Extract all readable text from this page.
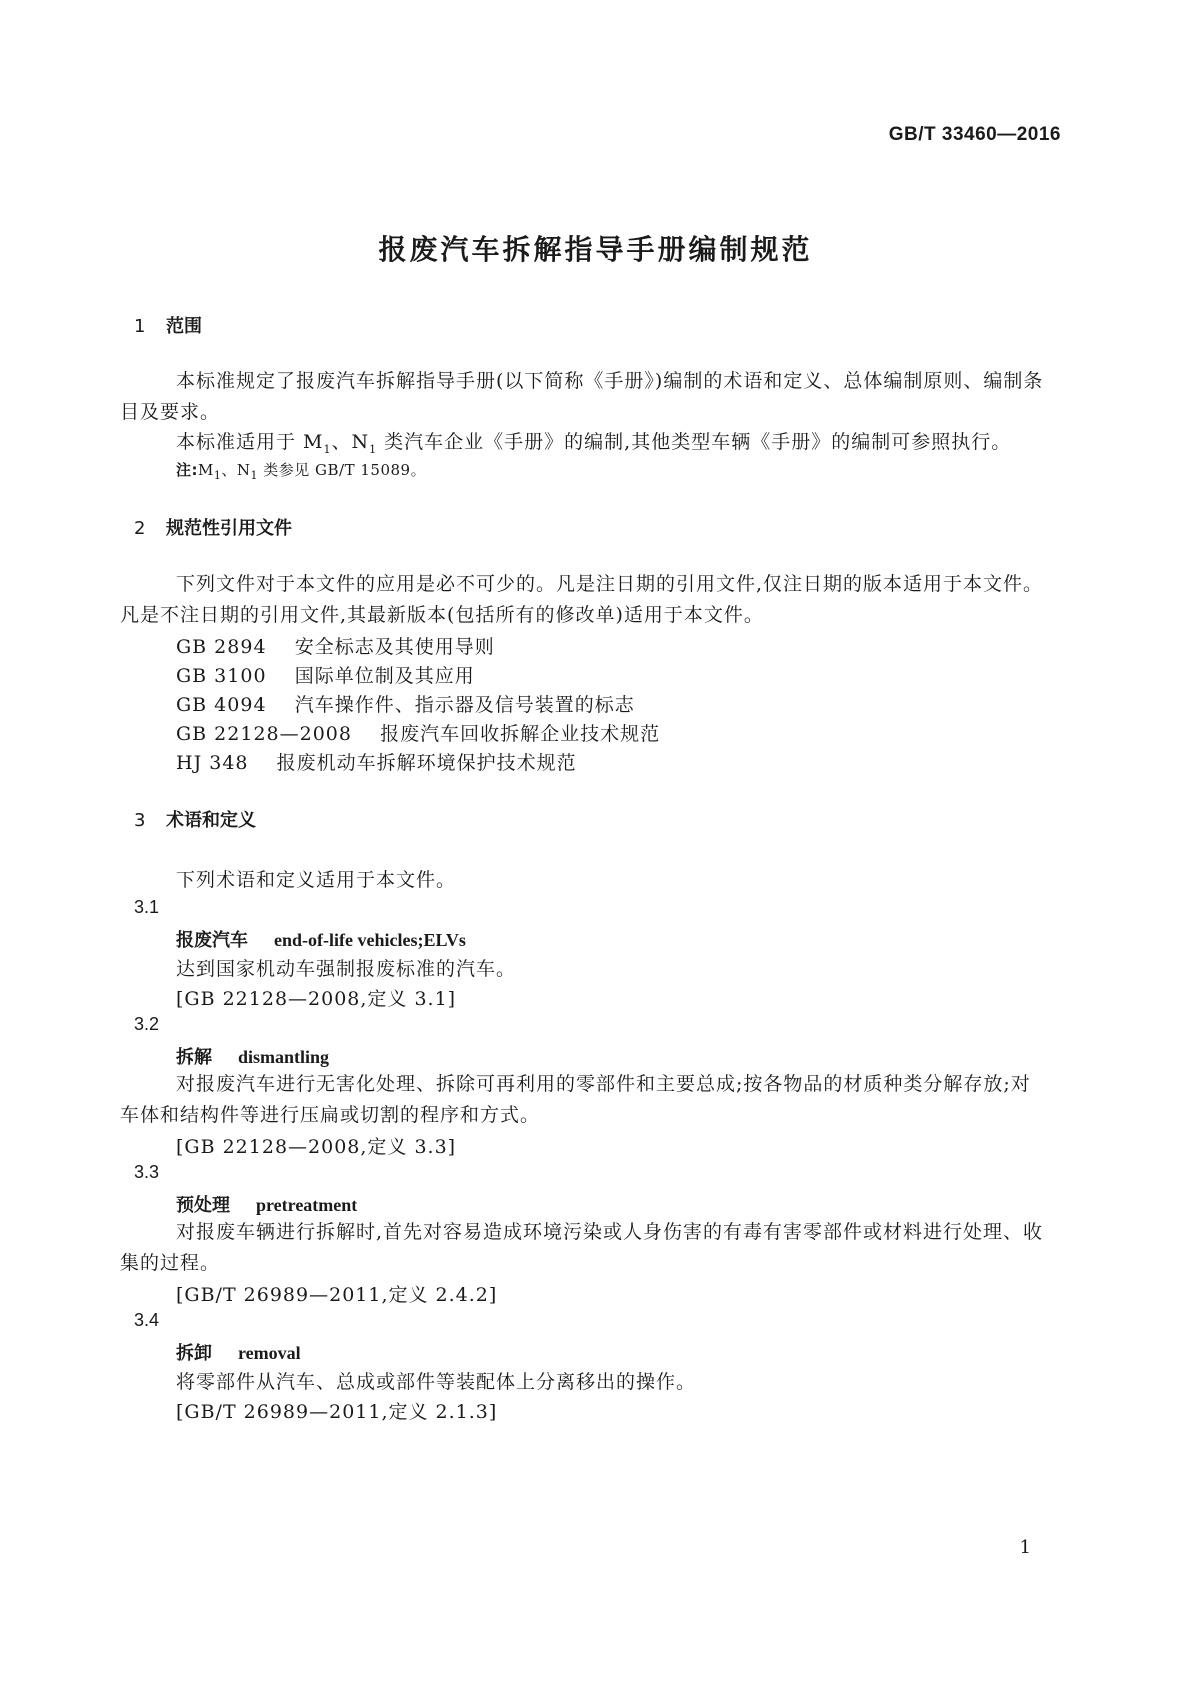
GB/T 33460—2016
报废汽车拆解指导手册编制规范
1 范围
本标准规定了报废汽车拆解指导手册(以下简称《手册》)编制的术语和定义、总体编制原则、编制条目及要求。
本标准适用于 $M_1$、$N_1$ 类汽车企业《手册》的编制,其他类型车辆《手册》的编制可参照执行。
注$:M_1$、$N_1$ 类参见 GB/T 15089。
2 规范性引用文件
下列文件对于本文件的应用是必不可少的。凡是注日期的引用文件,仅注日期的版本适用于本文件。凡是不注日期的引用文件,其最新版本(包括所有的修改单)适用于本文件。
GB 2894 安全标志及其使用导则
GB 3100 国际单位制及其应用
GB 4094 汽车操作件、指示器及信号装置的标志
GB 22128—2008 报废汽车回收拆解企业技术规范
HJ 348 报废机动车拆解环境保护技术规范
3 术语和定义
下列术语和定义适用于本文件。
3.1
报废汽车 end-of-life vehicles;ELVs
达到国家机动车强制报废标准的汽车。
[GB 22128—2008,定义 3.1]
3.2
拆解 dismantling
对报废汽车进行无害化处理、拆除可再利用的零部件和主要总成;按各物品的材质种类分解存放;对车体和结构件等进行压扁或切割的程序和方式。
[GB 22128—2008,定义 3.3]
3.3
预处理 pretreatment
对报废车辆进行拆解时,首先对容易造成环境污染或人身伤害的有毒有害零部件或材料进行处理、收集的过程。
[GB/T 26989—2011,定义 2.4.2]
3.4
拆卸 removal
将零部件从汽车、总成或部件等装配体上分离移出的操作。
[GB/T 26989—2011,定义 2.1.3]
1
